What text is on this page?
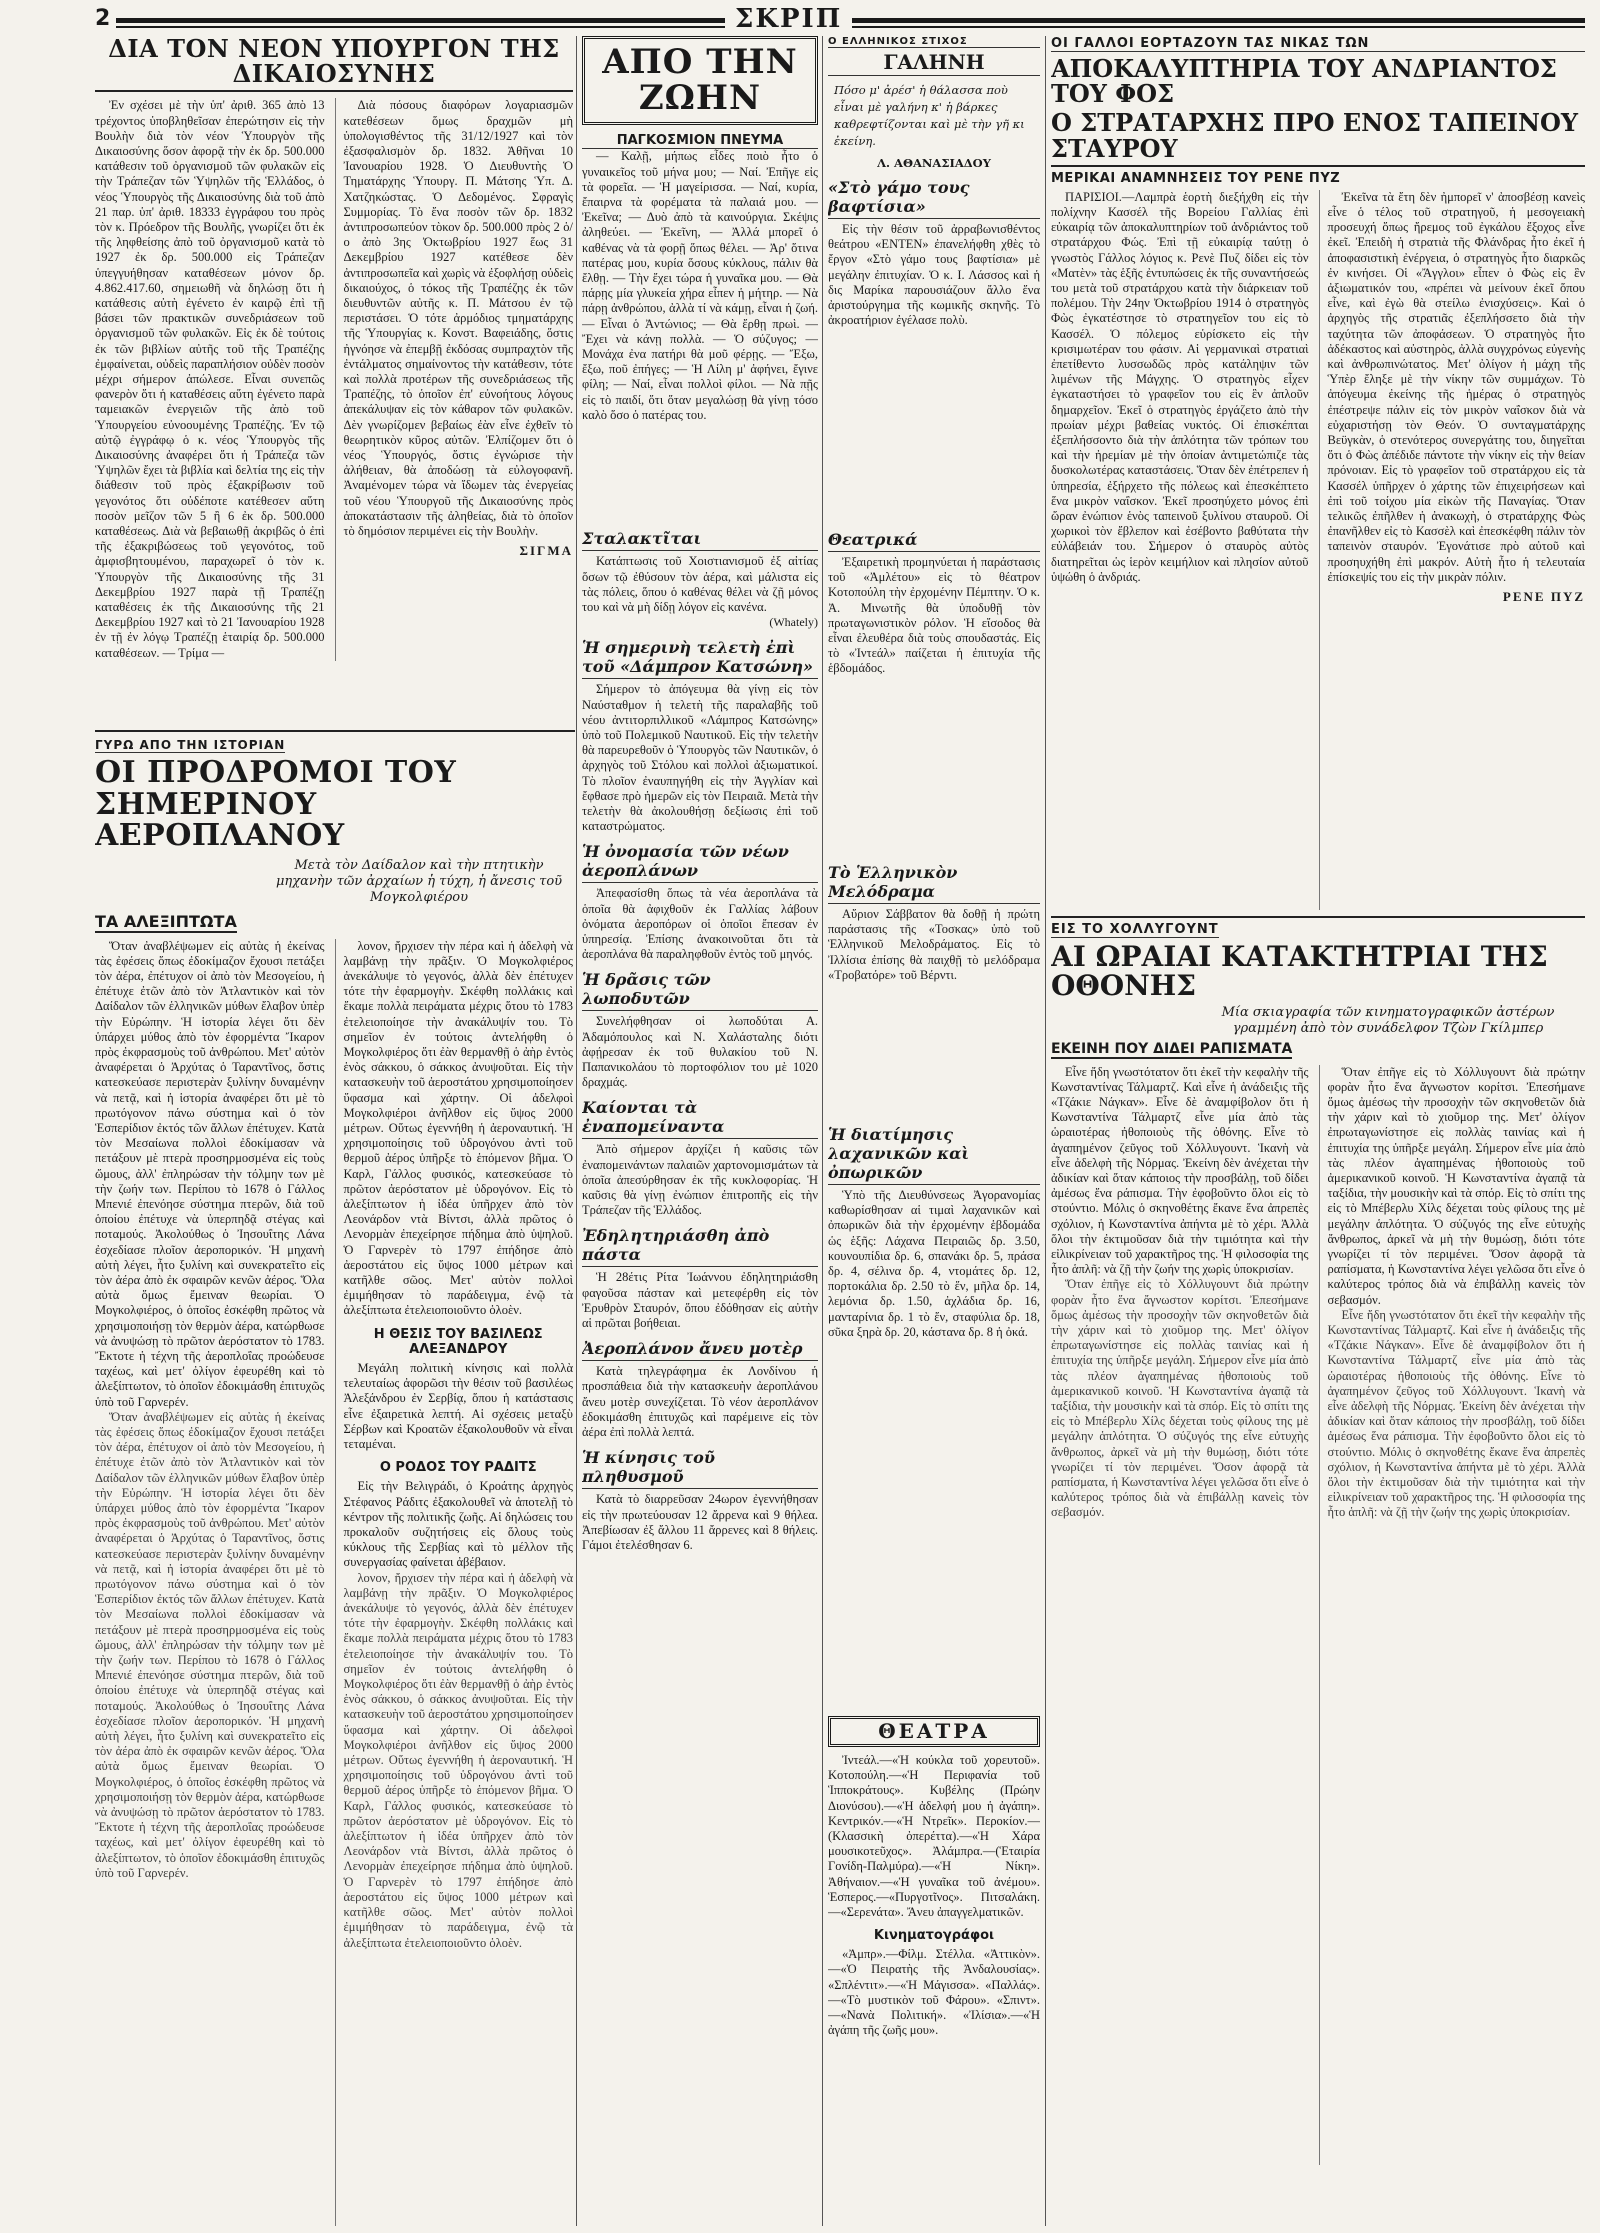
2	ΣΚΡΙΠ
ΔΙΑ ΤΟΝ ΝΕΟΝ ΥΠΟΥΡΓΟΝ ΤΗΣ ΔΙΚΑΙΟΣΥΝΗΣ

Ἐν σχέσει μὲ τὴν ὑπ' ἀριθ. 365 ἀπὸ 13 τρέχοντος ὑποβληθεῖσαν ἐπερώτησιν εἰς τὴν Βουλὴν διὰ τὸν νέον Ὑπουργὸν τῆς Δικαιοσύνης ὅσον ἀφορᾷ τὴν ἐκ δρ. 500.000 κατάθεσιν τοῦ ὀργανισμοῦ τῶν φυλακῶν εἰς τὴν Τράπεζαν τῶν Ὑψηλῶν τῆς Ἑλλάδος, ὁ νέος Ὑπουργὸς τῆς Δικαιοσύνης διὰ τοῦ ἀπὸ 21 παρ. ὑπ' ἀριθ. 18333 ἐγγράφου του πρὸς τὸν κ. Πρόεδρον τῆς Βουλῆς, γνωρίζει ὅτι ἐκ τῆς ληφθείσης ἀπὸ τοῦ ὀργανισμοῦ κατὰ τὸ 1927 ἐκ δρ. 500.000 εἰς Τράπεζαν ὑπεγγυήθησαν καταθέσεων μόνον δρ. 4.862.417.60, σημειωθῆ νὰ δηλώσῃ ὅτι ἡ κατάθεσις αὐτὴ ἐγένετο ἐν καιρῷ ἐπὶ τῇ βάσει τῶν πρακτικῶν συνεδριάσεων τοῦ ὀργανισμοῦ τῶν φυλακῶν. Εἰς ἐκ δὲ τούτοις ἐκ τῶν βιβλίων αὐτῆς τοῦ τῆς Τραπέζης ἐμφαίνεται, οὐδεὶς παραπλήσιον οὐδὲν ποσὸν μέχρι σήμερον ἀπώλεσε. Εἶναι συνεπῶς φανερὸν ὅτι ἡ καταθέσεις αὕτη ἐγένετο παρὰ ταμειακῶν ἐνεργειῶν τῆς ἀπὸ τοῦ Ὑπουργείου εὐνοουμένης Τραπέζης. Ἐν τῷ αὐτῷ ἐγγράφῳ ὁ κ. νέος Ὑπουργὸς τῆς Δικαιοσύνης ἀναφέρει ὅτι ἡ Τράπεζα τῶν Ὑψηλῶν ἔχει τὰ βιβλία καὶ δελτία της εἰς τὴν διάθεσιν τοῦ πρὸς ἐξακρίβωσιν τοῦ γεγονότος ὅτι οὐδέποτε κατέθεσεν αὕτη ποσὸν μεῖζον τῶν 5 ἢ 6 ἐκ δρ. 500.000 καταθέσεως. Διὰ νὰ βεβαιωθῇ ἀκριβῶς ὁ ἐπὶ τῆς ἐξακριβώσεως τοῦ γεγονότος, τοῦ ἀμφισβητουμένου, παραχωρεῖ ὁ τὸν κ. Ὑπουργὸν τῆς Δικαιοσύνης τῆς 31 Δεκεμβρίου 1927 παρὰ τῇ Τραπέζῃ καταθέσεις ἐκ τῆς Δικαιοσύνης τῆς 21 Δεκεμβρίου 1927 καὶ τὸ 21 Ἰανουαρίου 1928 ἐν τῇ ἐν λόγῳ Τραπέζῃ ἑταιρίᾳ δρ. 500.000 καταθέσεων. — Τρίμα —

Διὰ πόσους διαφόρων λογαριασμῶν κατεθέσεων ὅμως δραχμῶν μὴ ὑπολογισθέντος τῆς 31/12/1927 καὶ τὸν ἐξασφαλισμὸν δρ. 1832. Ἀθῆναι 10 Ἰανουαρίου 1928. Ὁ Διευθυντὴς Ὁ Τηματάρχης Ὑπουργ. Π. Μάτσης Ὑπ. Δ. Χατζηκώστας. Ὁ Δεδομένος. Σφραγὶς Συμμορίας. Τὸ ἔνα ποσὸν τῶν δρ. 1832 ἀντιπροσωπεύον τὸκον δρ. 500.000 πρὸς 2 ὁ/ο ἀπὸ 3ης Ὀκτωβρίου 1927 ἕως 31 Δεκεμβρίου 1927 κατέθεσε δὲν ἀντιπροσωπεῖα καὶ χωρὶς νὰ ἐξοφλήσῃ οὐδεὶς δικαιούχος, ὁ τόκος τῆς Τραπέζης ἐκ τῶν διευθυντῶν αὐτῆς κ. Π. Μάτσου ἐν τῷ περιστάσει. Ὁ τότε ἀρμόδιος τμηματάρχης τῆς Ὑπουργίας κ. Κονστ. Βαφειάδης, ὅστις ἠγνόησε νὰ ἐπεμβῇ ἐκδόσας συμπραχτὸν τῆς ἐντάλματος σημαίνοντος τὴν κατάθεσιν, τότε καὶ πολλὰ προτέρων τῆς συνεδριάσεως τῆς Τραπέζης, τὸ ὁποῖον ἐπ' εὐνοήτους λόγους ἀπεκάλυψαν εἰς τὸν κάθαρον τῶν φυλακῶν. Δὲν γνωρίζομεν βεβαίως ἐὰν εἶνε ἐχθεῖν τὸ θεωρητικὸν κῦρος αὐτῶν. Ἐλπίζομεν ὅτι ὁ νέος Ὑπουργός, ὅστις ἐγνώρισε τὴν ἀλήθειαν, θὰ ἀποδώσῃ τὰ εὐλογοφανῆ. Ἀναμένομεν τώρα νὰ ἴδωμεν τὰς ἐνεργείας τοῦ νέου Ὑπουργοῦ τῆς Δικαιοσύνης πρὸς ἀποκατάστασιν τῆς ἀληθείας, διὰ τὸ ὁποῖον τὸ δημόσιον περιμένει εἰς τὴν Βουλὴν.

ΣΙΓΜΑ
ΓΥΡΩ ΑΠΟ ΤΗΝ ΙΣΤΟΡΙΑΝ
ΟΙ ΠΡΟΔΡΟΜΟΙ ΤΟΥ ΣΗΜΕΡΙΝΟΥ ΑΕΡΟΠΛΑΝΟΥ
Μετὰ τὸν Δαίδαλον καὶ τὴν πτητικὴν μηχανὴν τῶν ἀρχαίων ἡ τύχη, ἡ ἄνεσις τοῦ Μογκολφιέρου
ΤΑ ΑΛΕΞΙΠΤΩΤΑ

Ὅταν ἀναβλέψωμεν εἰς αὐτὰς ἡ ἐκείνας τὰς ἐφέσεις ὅπως ἐδοκίμαζον ἔχουσι πετάξει τὸν ἀέρα, ἐπέτυχον οἱ ἀπὸ τὸν Μεσογείου, ἡ ἐπέτυχε ἐτῶν ἀπὸ τὸν Ἀτλαντικὸν καὶ τὸν Δαίδαλον τῶν ἑλληνικῶν μύθων ἔλαβον ὑπὲρ τὴν Εὐρώπην. Ἡ ἱστορία λέγει ὅτι δὲν ὑπάρχει μύθος ἀπὸ τὸν ἐφορμέντα Ἴκαρον πρὸς ἐκφρασμοὺς τοῦ ἀνθρώπου. Μετ' αὐτὸν ἀναφέρεται ὁ Ἀρχύτας ὁ Ταραντῖνος, ὅστις κατεσκεύασε περιστερὰν ξυλίνην δυναμένην νὰ πετᾷ, καὶ ἡ ἱστορία ἀναφέρει ὅτι μὲ τὸ πρωτόγονον πάνω σύστημα καὶ ὁ τὸν Ἑσπερίδιον ἐκτός τῶν ἄλλων ἐπέτυχεν. Κατὰ τὸν Μεσαίωνα πολλοὶ ἐδοκίμασαν νὰ πετάξουν μὲ πτερὰ προσηρμοσμένα εἰς τοὺς ὤμους, ἀλλ' ἐπληρώσαν τὴν τόλμην των μὲ τὴν ζωήν των. Περίπου τὸ 1678 ὁ Γάλλος Μπενιέ ἐπενόησε σύστημα πτερῶν, διὰ τοῦ ὁποίου ἐπέτυχε νὰ ὑπερπηδᾷ στέγας καὶ ποταμούς. Ἀκολούθως ὁ Ἰησουΐτης Λάνα ἐσχεδίασε πλοῖον ἀεροπορικόν. Ἡ μηχανὴ αὐτὴ λέγει, ἦτο ξυλίνη καὶ συνεκρατεῖτο εἰς τὸν ἀέρα ἀπὸ ἐκ σφαιρῶν κενῶν ἀέρος. Ὅλα αὐτὰ ὅμως ἔμειναν θεωρίαι. Ὁ Μογκολφιέρος, ὁ ὁποῖος ἐσκέφθη πρῶτος νὰ χρησιμοποιήσῃ τὸν θερμὸν ἀέρα, κατώρθωσε νὰ ἀνυψώσῃ τὸ πρῶτον ἀερόστατον τὸ 1783. Ἔκτοτε ἡ τέχνη τῆς ἀεροπλοΐας προώδευσε ταχέως, καὶ μετ' ὀλίγον ἐφευρέθη καὶ τὸ ἀλεξίπτωτον, τὸ ὁποῖον ἐδοκιμάσθη ἐπιτυχῶς ὑπὸ τοῦ Γαρνερέν.

Ὅταν ἀναβλέψωμεν εἰς αὐτὰς ἡ ἐκείνας τὰς ἐφέσεις ὅπως ἐδοκίμαζον ἔχουσι πετάξει τὸν ἀέρα, ἐπέτυχον οἱ ἀπὸ τὸν Μεσογείου, ἡ ἐπέτυχε ἐτῶν ἀπὸ τὸν Ἀτλαντικὸν καὶ τὸν Δαίδαλον τῶν ἑλληνικῶν μύθων ἔλαβον ὑπὲρ τὴν Εὐρώπην. Ἡ ἱστορία λέγει ὅτι δὲν ὑπάρχει μύθος ἀπὸ τὸν ἐφορμέντα Ἴκαρον πρὸς ἐκφρασμοὺς τοῦ ἀνθρώπου. Μετ' αὐτὸν ἀναφέρεται ὁ Ἀρχύτας ὁ Ταραντῖνος, ὅστις κατεσκεύασε περιστερὰν ξυλίνην δυναμένην νὰ πετᾷ, καὶ ἡ ἱστορία ἀναφέρει ὅτι μὲ τὸ πρωτόγονον πάνω σύστημα καὶ ὁ τὸν Ἑσπερίδιον ἐκτός τῶν ἄλλων ἐπέτυχεν. Κατὰ τὸν Μεσαίωνα πολλοὶ ἐδοκίμασαν νὰ πετάξουν μὲ πτερὰ προσηρμοσμένα εἰς τοὺς ὤμους, ἀλλ' ἐπληρώσαν τὴν τόλμην των μὲ τὴν ζωήν των. Περίπου τὸ 1678 ὁ Γάλλος Μπενιέ ἐπενόησε σύστημα πτερῶν, διὰ τοῦ ὁποίου ἐπέτυχε νὰ ὑπερπηδᾷ στέγας καὶ ποταμούς. Ἀκολούθως ὁ Ἰησουΐτης Λάνα ἐσχεδίασε πλοῖον ἀεροπορικόν. Ἡ μηχανὴ αὐτὴ λέγει, ἦτο ξυλίνη καὶ συνεκρατεῖτο εἰς τὸν ἀέρα ἀπὸ ἐκ σφαιρῶν κενῶν ἀέρος. Ὅλα αὐτὰ ὅμως ἔμειναν θεωρίαι. Ὁ Μογκολφιέρος, ὁ ὁποῖος ἐσκέφθη πρῶτος νὰ χρησιμοποιήσῃ τὸν θερμὸν ἀέρα, κατώρθωσε νὰ ἀνυψώσῃ τὸ πρῶτον ἀερόστατον τὸ 1783. Ἔκτοτε ἡ τέχνη τῆς ἀεροπλοΐας προώδευσε ταχέως, καὶ μετ' ὀλίγον ἐφευρέθη καὶ τὸ ἀλεξίπτωτον, τὸ ὁποῖον ἐδοκιμάσθη ἐπιτυχῶς ὑπὸ τοῦ Γαρνερέν.

λονον, ἤρχισεν τὴν πέρα καὶ ἡ ἀδελφὴ νὰ λαμβάνῃ τὴν πρᾶξιν. Ὁ Μογκολφιέρος ἀνεκάλυψε τὸ γεγονός, ἀλλὰ δὲν ἐπέτυχεν τότε τὴν ἐφαρμογὴν. Σκέφθη πολλάκις καὶ ἔκαμε πολλὰ πειράματα μέχρις ὅτου τὸ 1783 ἐτελειοποίησε τὴν ἀνακάλυψίν του. Τὸ σημεῖον ἐν τούτοις ἀντελήφθη ὁ Μογκολφιέρος ὅτι ἐὰν θερμανθῇ ὁ ἀὴρ ἐντὸς ἑνὸς σάκκου, ὁ σάκκος ἀνυψοῦται. Εἰς τὴν κατασκευὴν τοῦ ἀεροστάτου χρησιμοποίησεν ὕφασμα καὶ χάρτην. Οἱ ἀδελφοὶ Μογκολφιέροι ἀνῆλθον εἰς ὕψος 2000 μέτρων. Οὕτως ἐγεννήθη ἡ ἀεροναυτική. Ἡ χρησιμοποίησις τοῦ ὑδρογόνου ἀντὶ τοῦ θερμοῦ ἀέρος ὑπῆρξε τὸ ἑπόμενον βῆμα. Ὁ Καρλ, Γάλλος φυσικός, κατεσκεύασε τὸ πρῶτον ἀερόστατον μὲ ὑδρογόνον. Εἰς τὸ ἀλεξίπτωτον ἡ ἰδέα ὑπῆρχεν ἀπὸ τὸν Λεονάρδον ντὰ Βίντσι, ἀλλὰ πρῶτος ὁ Λενορμὰν ἐπεχείρησε πήδημα ἀπὸ ὑψηλοῦ. Ὁ Γαρνερὲν τὸ 1797 ἐπήδησε ἀπὸ ἀεροστάτου εἰς ὕψος 1000 μέτρων καὶ κατῆλθε σῶος. Μετ' αὐτὸν πολλοὶ ἐμιμήθησαν τὸ παράδειγμα, ἐνῷ τὰ ἀλεξίπτωτα ἐτελειοποιοῦντο ὁλοὲν.

Η ΘΕΣΙΣ ΤΟΥ ΒΑΣΙΛΕΩΣ ΑΛΕΞΑΝΔΡΟΥ

Μεγάλη πολιτικὴ κίνησις καὶ πολλὰ τελευταίως ἀφορῶσι τὴν θέσιν τοῦ βασιλέως Ἀλεξάνδρου ἐν Σερβίᾳ, ὅπου ἡ κατάστασις εἶνε ἐξαιρετικὰ λεπτή. Αἱ σχέσεις μεταξὺ Σέρβων καὶ Κροατῶν ἐξακολουθοῦν νὰ εἶναι τεταμέναι.

Ο ΡΟΔΟΣ ΤΟΥ ΡΑΔΙΤΣ

Εἰς τὴν Βελιγράδι, ὁ Κροάτης ἀρχηγὸς Στέφανος Ράδιτς ἐξακολουθεῖ νὰ ἀποτελῇ τὸ κέντρον τῆς πολιτικῆς ζωῆς. Αἱ δηλώσεις του προκαλοῦν συζητήσεις εἰς ὅλους τοὺς κύκλους τῆς Σερβίας καὶ τὸ μέλλον τῆς συνεργασίας φαίνεται ἀβέβαιον.

λονον, ἤρχισεν τὴν πέρα καὶ ἡ ἀδελφὴ νὰ λαμβάνῃ τὴν πρᾶξιν. Ὁ Μογκολφιέρος ἀνεκάλυψε τὸ γεγονός, ἀλλὰ δὲν ἐπέτυχεν τότε τὴν ἐφαρμογὴν. Σκέφθη πολλάκις καὶ ἔκαμε πολλὰ πειράματα μέχρις ὅτου τὸ 1783 ἐτελειοποίησε τὴν ἀνακάλυψίν του. Τὸ σημεῖον ἐν τούτοις ἀντελήφθη ὁ Μογκολφιέρος ὅτι ἐὰν θερμανθῇ ὁ ἀὴρ ἐντὸς ἑνὸς σάκκου, ὁ σάκκος ἀνυψοῦται. Εἰς τὴν κατασκευὴν τοῦ ἀεροστάτου χρησιμοποίησεν ὕφασμα καὶ χάρτην. Οἱ ἀδελφοὶ Μογκολφιέροι ἀνῆλθον εἰς ὕψος 2000 μέτρων. Οὕτως ἐγεννήθη ἡ ἀεροναυτική. Ἡ χρησιμοποίησις τοῦ ὑδρογόνου ἀντὶ τοῦ θερμοῦ ἀέρος ὑπῆρξε τὸ ἑπόμενον βῆμα. Ὁ Καρλ, Γάλλος φυσικός, κατεσκεύασε τὸ πρῶτον ἀερόστατον μὲ ὑδρογόνον. Εἰς τὸ ἀλεξίπτωτον ἡ ἰδέα ὑπῆρχεν ἀπὸ τὸν Λεονάρδον ντὰ Βίντσι, ἀλλὰ πρῶτος ὁ Λενορμὰν ἐπεχείρησε πήδημα ἀπὸ ὑψηλοῦ. Ὁ Γαρνερὲν τὸ 1797 ἐπήδησε ἀπὸ ἀεροστάτου εἰς ὕψος 1000 μέτρων καὶ κατῆλθε σῶος. Μετ' αὐτὸν πολλοὶ ἐμιμήθησαν τὸ παράδειγμα, ἐνῷ τὰ ἀλεξίπτωτα ἐτελειοποιοῦντο ὁλοὲν.

ΑΠΟ ΤΗΝ ΖΩΗΝ
ΠΑΓΚΟΣΜΙΟΝ ΠΝΕΥΜΑ

— Καλῇ, μήπως εἶδες ποιὸ ἦτο ὁ γυναικεῖος τοῦ μήνα μου; — Ναί. Ἐπῆγε εἰς τὰ φορεῖα. — Ἡ μαγείρισσα. — Ναί, κυρία, ἔπαιρνα τὰ φορέματα τὰ παλαιά μου. — Ἐκεῖνα; — Δυὸ ἀπὸ τὰ καινούργια. Σκέψις ἀληθεύει. — Ἐκεῖνη, — Ἀλλά μπορεῖ ὁ καθένας νὰ τὰ φορῇ ὅπως θέλει. — Ἀρ' ὅτινα πατέρας μου, κυρία ὅσους κύκλους, πάλιν θὰ ἔλθῃ. — Τὴν ἔχει τώρα ἡ γυναῖκα μου. — Θὰ πάρῃς μία γλυκεία χήρα εἶπεν ἡ μήτηρ. — Νὰ πάρῃ ἀνθρώπου, ἀλλὰ τί νὰ κάμῃ, εἶναι ἡ ζωή. — Εἶναι ὁ Ἀντώνιος; — Θὰ ἔρθῃ πρωὶ. — Ἔχει νὰ κάνῃ πολλὰ. — Ὁ σύζυγος; — Μονάχα ἐνα πατήρι θὰ μοῦ φέρῃς. — Ἔξω, ἔξω, ποῦ ἐπήγες; — Ἡ Λίλη μ' ἀφήνει, ἔγινε φίλη; — Ναί, εἶναι πολλοὶ φίλοι. — Νὰ πῇς εἰς τὸ παιδί, ὅτι ὅταν μεγαλώσῃ θὰ γίνῃ τόσο καλὸ ὅσο ὁ πατέρας του.

Σταλακτῖται

Κατάπτωσις τοῦ Χοιστιανισμοῦ ἐξ αἰτίας ὅσων τῷ ἐθύσουν τὸν ἀέρα, καὶ μάλιστα εἰς τὰς πόλεις, ὅπου ὁ καθένας θέλει νὰ ζῇ μόνος του καὶ νὰ μὴ δίδῃ λόγον εἰς κανένα.

(Whately)
Ἡ σημερινὴ τελετὴ ἐπὶ τοῦ «Δάμπρον Κατσώνη»

Σήμερον τὸ ἀπόγευμα θὰ γίνῃ εἰς τὸν Ναύσταθμον ἡ τελετὴ τῆς παραλαβῆς τοῦ νέου ἀντιτορπιλλικοῦ «Λάμπρος Κατσώνης» ὑπὸ τοῦ Πολεμικοῦ Ναυτικοῦ. Εἰς τὴν τελετὴν θὰ παρευρεθοῦν ὁ Ὑπουργὸς τῶν Ναυτικῶν, ὁ ἀρχηγὸς τοῦ Στόλου καὶ πολλοὶ ἀξιωματικοί. Τὸ πλοῖον ἐναυπηγήθη εἰς τὴν Ἀγγλίαν καὶ ἔφθασε πρὸ ἡμερῶν εἰς τὸν Πειραιᾶ. Μετὰ τὴν τελετὴν θὰ ἀκολουθήσῃ δεξίωσις ἐπὶ τοῦ καταστρώματος.

Ἡ ὀνομασία τῶν νέων ἀεροπλάνων

Ἀπεφασίσθη ὅπως τὰ νέα ἀεροπλάνα τὰ ὁποῖα θὰ ἀφιχθοῦν ἐκ Γαλλίας λάβουν ὀνόματα ἀεροπόρων οἱ ὁποῖοι ἔπεσαν ἐν ὑπηρεσίᾳ. Ἐπίσης ἀνακοινοῦται ὅτι τὰ ἀεροπλάνα θὰ παραληφθοῦν ἐντὸς τοῦ μηνός.

Ἡ δρᾶσις τῶν λωποδυτῶν

Συνελήφθησαν οἱ λωποδύται Α. Ἀδαμόπουλος καὶ Ν. Χαλάσταλης διότι ἀφῄρεσαν ἐκ τοῦ θυλακίου τοῦ Ν. Παπανικολάου τὸ πορτοφόλιον του μὲ 1020 δραχμάς.

Καίονται τὰ ἐναπομείναντα

Ἀπὸ σήμερον ἀρχίζει ἡ καῦσις τῶν ἐναπομεινάντων παλαιῶν χαρτονομισμάτων τὰ ὁποῖα ἀπεσύρθησαν ἐκ τῆς κυκλοφορίας. Ἡ καῦσις θὰ γίνῃ ἐνώπιον ἐπιτροπῆς εἰς τὴν Τράπεζαν τῆς Ἑλλάδος.

Ἐδηλητηριάσθη ἀπὸ πάστα

Ἡ 28έτις Ρίτα Ἰωάννου ἐδηλητηριάσθη φαγοῦσα πάσταν καὶ μετεφέρθη εἰς τὸν Ἐρυθρὸν Σταυρόν, ὅπου ἐδόθησαν εἰς αὐτὴν αἱ πρῶται βοήθειαι.

Ἀεροπλάνον ἄνευ μοτὲρ

Κατὰ τηλεγράφημα ἐκ Λονδίνου ἡ προσπάθεια διὰ τὴν κατασκευὴν ἀεροπλάνου ἄνευ μοτὲρ συνεχίζεται. Τὸ νέον ἀεροπλάνον ἐδοκιμάσθη ἐπιτυχῶς καὶ παρέμεινε εἰς τὸν ἀέρα ἐπὶ πολλὰ λεπτά.

Ἡ κίνησις τοῦ πληθυσμοῦ

Κατὰ τὸ διαρρεῦσαν 24ωρον ἐγεννήθησαν εἰς τὴν πρωτεύουσαν 12 ἄρρενα καὶ 9 θήλεα. Ἀπεβίωσαν ἐξ ἄλλου 11 ἄρρενες καὶ 8 θήλεις. Γάμοι ἐτελέσθησαν 6.

Ο ΕΛΛΗΝΙΚΟΣ ΣΤΙΧΟΣ
ΓΑΛΗΝΗ
Πόσο μ' ἀρέσ' ἡ θάλασσα ποὺ εἶναι μὲ γαλήνη κ' ἡ βάρκες καθρεφτίζονται καὶ μὲ τὴν γῆ κι ἐκείνη.
Λ. ΑΘΑΝΑΣΙΑΔΟΥ
«Στὸ γάμο τους βαφτίσια»

Εἰς τὴν θέσιν τοῦ ἀρραβωνισθέντος θεάτρου «ΕΝΤΕΝ» ἐπανελήφθη χθὲς τὸ ἔργον «Στὸ γάμο τους βαφτίσια» μὲ μεγάλην ἐπιτυχίαν. Ὁ κ. Ι. Λάσσος καὶ ἡ δις Μαρίκα παρουσιάζουν ἄλλο ἕνα ἀριστούργημα τῆς κωμικῆς σκηνῆς. Τὸ ἀκροατήριον ἐγέλασε πολὺ.

Θεατρικά

Ἐξαιρετικὴ προμηνύεται ἡ παράστασις τοῦ «Ἀμλέτου» εἰς τὸ θέατρον Κοτοπούλη τὴν ἐρχομένην Πέμπτην. Ὁ κ. Ἀ. Μινωτῆς θὰ ὑποδυθῇ τὸν πρωταγωνιστικὸν ρόλον. Ἡ εἴσοδος θὰ εἶναι ἐλευθέρα διὰ τοὺς σπουδαστάς. Εἰς τὸ «Ἰντεάλ» παίζεται ἡ ἐπιτυχία τῆς ἑβδομάδος.

Τὸ Ἑλληνικὸν Μελόδραμα

Αὔριον Σάββατον θὰ δοθῇ ἡ πρώτη παράστασις τῆς «Τοσκας» ὑπὸ τοῦ Ἑλληνικοῦ Μελοδράματος. Εἰς τὸ Ἰλλίσια ἐπίσης θὰ παιχθῇ τὸ μελόδραμα «Τροβατόρε» τοῦ Βέρντι.

Ἡ διατίμησις λαχανικῶν καὶ ὀπωρικῶν

Ὑπὸ τῆς Διευθύνσεως Ἀγορανομίας καθωρίσθησαν αἱ τιμαὶ λαχανικῶν καὶ ὀπωρικῶν διὰ τὴν ἐρχομένην ἑβδομάδα ὡς ἑξῆς: Λάχανα Πειραιῶς δρ. 3.50, κουνουπίδια δρ. 6, σπανάκι δρ. 5, πράσα δρ. 4, σέλινα δρ. 4, ντομάτες δρ. 12, πορτοκάλια δρ. 2.50 τὸ ἕν, μῆλα δρ. 14, λεμόνια δρ. 1.50, ἀχλάδια δρ. 16, μανταρίνια δρ. 1 τὸ ἕν, σταφύλια δρ. 18, σῦκα ξηρὰ δρ. 20, κάστανα δρ. 8 ἡ ὀκά.

ΘΕΑΤΡΑ

Ἰντεάλ.—«Ἡ κούκλα τοῦ χορευτοῦ». Κοτοπούλη.—«Ἡ Περιφανία τοῦ Ἱπποκράτους». Κυβέλης (Πρώην Διονύσου).—«Ἡ ἀδελφή μου ἡ ἀγάπη». Κεντρικόν.—«Ἡ Ντρεῖκ». Περοκίον.—(Κλασσικὴ ὀπερέττα).—«Ἡ Χάρα μουσικοτεῦχος». Ἀλάμπρα.—(Ἑταιρία Γονίδη-Παλμύρα).—«Ἡ Νίκη». Ἀθήναιον.—«Ἡ γυναῖκα τοῦ ἀνέμου». Ἑσπερος.—«Πυργοτῖνος». Πιτσαλάκη.—«Σερενάτα». Ἄνευ ἀπαγγελματικῶν.

Κινηματογράφοι

«Ἀμπρ».—Φίλμ. Στέλλα. «Ἀττικὸν».—«Ὁ Πειρατὴς τῆς Ἀνδαλουσίας». «Σπλέντιτ».—«Ἡ Μάγισσα». «Παλλάς».—«Τὸ μυστικὸν τοῦ Φάρου». «Σπιντ».—«Νανὰ Πολιτική». «Ἰλίσια».—«Ἡ ἀγάπη τῆς ζωῆς μου».

ΟΙ ΓΑΛΛΟΙ ΕΟΡΤΑΖΟΥΝ ΤΑΣ ΝΙΚΑΣ ΤΩΝ
ΑΠΟΚΑΛΥΠΤΗΡΙΑ ΤΟΥ ΑΝΔΡΙΑΝΤΟΣ ΤΟΥ ΦΟΣ
Ο ΣΤΡΑΤΑΡΧΗΣ ΠΡΟ ΕΝΟΣ ΤΑΠΕΙΝΟΥ ΣΤΑΥΡΟΥ
ΜΕΡΙΚΑΙ ΑΝΑΜΝΗΣΕΙΣ ΤΟΥ ΡΕΝΕ ΠΥΖ

ΠΑΡΙΣΙΟΙ.—Λαμπρὰ ἑορτὴ διεξήχθη εἰς τὴν πολίχνην Κασσέλ τῆς Βορείου Γαλλίας ἐπὶ εὐκαιρίᾳ τῶν ἀποκαλυπτηρίων τοῦ ἀνδριάντος τοῦ στρατάρχου Φώς. Ἐπὶ τῇ εὐκαιρίᾳ ταύτῃ ὁ γνωστὸς Γάλλος λόγιος κ. Ρενὲ Πυζ δίδει εἰς τὸν «Ματὲν» τὰς ἑξῆς ἐντυπώσεις ἐκ τῆς συναντήσεώς του μετὰ τοῦ στρατάρχου κατὰ τὴν διάρκειαν τοῦ πολέμου. Τὴν 24ην Ὀκτωβρίου 1914 ὁ στρατηγὸς Φὼς ἐγκατέστησε τὸ στρατηγεῖον του εἰς τὸ Κασσέλ. Ὁ πόλεμος εὑρίσκετο εἰς τὴν κρισιμωτέραν του φάσιν. Αἱ γερμανικαὶ στρατιαὶ ἐπετίθεντο λυσσωδῶς πρὸς κατάληψιν τῶν λιμένων τῆς Μάγχης. Ὁ στρατηγὸς εἶχεν ἐγκαταστήσει τὸ γραφεῖον του εἰς ἓν ἀπλοῦν δημαρχεῖον. Ἐκεῖ ὁ στρατηγὸς ἐργάζετο ἀπὸ τὴν πρωίαν μέχρι βαθείας νυκτός. Οἱ ἐπισκέπται ἐξεπλήσσοντο διὰ τὴν ἁπλότητα τῶν τρόπων του καὶ τὴν ἠρεμίαν μὲ τὴν ὁποίαν ἀντιμετώπιζε τὰς δυσκολωτέρας καταστάσεις. Ὅταν δὲν ἐπέτρεπεν ἡ ὑπηρεσία, ἐξήρχετο τῆς πόλεως καὶ ἐπεσκέπτετο ἕνα μικρὸν ναΐσκον. Ἐκεῖ προσηύχετο μόνος ἐπὶ ὥραν ἐνώπιον ἑνὸς ταπεινοῦ ξυλίνου σταυροῦ. Οἱ χωρικοὶ τὸν ἔβλεπον καὶ ἐσέβοντο βαθύτατα τὴν εὐλάβειάν του. Σήμερον ὁ σταυρὸς αὐτὸς διατηρεῖται ὡς ἱερὸν κειμήλιον καὶ πλησίον αὐτοῦ ὑψώθη ὁ ἀνδριάς.

Ἐκεῖνα τὰ ἔτη δὲν ἠμπορεῖ ν' ἀποσβέσῃ κανεὶς εἶνε ὁ τέλος τοῦ στρατηγοῦ, ἡ μεσογειακὴ προσευχή ὅπως ἤρεμος τοῦ ἐγκάλου ἔξοχος εἶνε ἐκεῖ. Ἐπειδὴ ἡ στρατιὰ τῆς Φλάνδρας ἦτο ἐκεῖ ἡ ἀποφασιστικὴ ἐνέργεια, ὁ στρατηγὸς ἦτο διαρκῶς ἐν κινήσει. Οἱ «Ἄγγλοι» εἶπεν ὁ Φὼς εἰς ἓν ἀξιωματικόν του, «πρέπει νὰ μείνουν ἐκεῖ ὅπου εἶνε, καὶ ἐγὼ θὰ στείλω ἐνισχύσεις». Καὶ ὁ ἀρχηγὸς τῆς στρατιᾶς ἐξεπλήσσετο διὰ τὴν ταχύτητα τῶν ἀποφάσεων. Ὁ στρατηγὸς ἦτο ἀδέκαστος καὶ αὐστηρὸς, ἀλλὰ συγχρόνως εὐγενὴς καὶ ἀνθρωπινώτατος. Μετ' ὀλίγον ἡ μάχη τῆς Ὑπὲρ ἔληξε μὲ τὴν νίκην τῶν συμμάχων. Τὸ ἀπόγευμα ἐκείνης τῆς ἡμέρας ὁ στρατηγὸς ἐπέστρεψε πάλιν εἰς τὸν μικρὸν ναΐσκον διὰ νὰ εὐχαριστήσῃ τὸν Θεόν. Ὁ συνταγματάρχης Βεϋγκὰν, ὁ στενότερος συνεργάτης του, διηγεῖται ὅτι ὁ Φὼς ἀπέδιδε πάντοτε τὴν νίκην εἰς τὴν θείαν πρόνοιαν. Εἰς τὸ γραφεῖον τοῦ στρατάρχου εἰς τὰ Κασσέλ ὑπῆρχεν ὁ χάρτης τῶν ἐπιχειρήσεων καὶ ἐπὶ τοῦ τοίχου μία εἰκὼν τῆς Παναγίας. Ὅταν τελικῶς ἐπῆλθεν ἡ ἀνακωχὴ, ὁ στρατάρχης Φὼς ἐπανῆλθεν εἰς τὸ Κασσὲλ καὶ ἐπεσκέφθη πάλιν τὸν ταπεινὸν σταυρόν. Ἐγονάτισε πρὸ αὐτοῦ καὶ προσηυχήθη ἐπὶ μακρόν. Αὐτὴ ἦτο ἡ τελευταία ἐπίσκεψίς του εἰς τὴν μικρὰν πόλιν.

ΡΕΝΕ ΠΥΖ
ΕΙΣ ΤΟ ΧΟΛΛΥΓΟΥΝΤ
ΑΙ ΩΡΑΙΑΙ ΚΑΤΑΚΤΗΤΡΙΑΙ ΤΗΣ ΟΘΟΝΗΣ
Μία σκιαγραφία τῶν κινηματογραφικῶν ἀστέρων γραμμένη ἀπὸ τὸν συνάδελφον Τζὼν Γκίλμπερ
ΕΚΕΙΝΗ ΠΟΥ ΔΙΔΕΙ ΡΑΠΙΣΜΑΤΑ

Εἶνε ἤδη γνωστότατον ὅτι ἐκεῖ τὴν κεφαλὴν τῆς Κωνσταντίνας Τάλμαρτζ. Καὶ εἶνε ἡ ἀνάδειξις τῆς «Τζάκιε Νάγκαν». Εἶνε δὲ ἀναμφίβολον ὅτι ἡ Κωνσταντίνα Τάλμαρτζ εἶνε μία ἀπὸ τὰς ὡραιοτέρας ἠθοποιοὺς τῆς ὀθόνης. Εἶνε τὸ ἀγαπημένον ζεῦγος τοῦ Χόλλυγουντ. Ἱκανὴ νὰ εἶνε ἀδελφὴ τῆς Νόρμας. Ἐκείνη δὲν ἀνέχεται τὴν ἀδικίαν καὶ ὅταν κάποιος τὴν προσβάλῃ, τοῦ δίδει ἀμέσως ἕνα ράπισμα. Τὴν ἐφοβοῦντο ὅλοι εἰς τὸ στούντιο. Μόλις ὁ σκηνοθέτης ἔκανε ἕνα ἀπρεπὲς σχόλιον, ἡ Κωνσταντίνα ἀπήντα μὲ τὸ χέρι. Ἀλλὰ ὅλοι τὴν ἐκτιμοῦσαν διὰ τὴν τιμιότητα καὶ τὴν εἰλικρίνειαν τοῦ χαρακτῆρος της. Ἡ φιλοσοφία της ἦτο ἁπλῆ: νὰ ζῇ τὴν ζωήν της χωρὶς ὑποκρισίαν.

Ὅταν ἐπῆγε εἰς τὸ Χόλλυγουντ διὰ πρώτην φορὰν ἦτο ἕνα ἄγνωστον κορίτσι. Ἐπεσήμανε ὅμως ἀμέσως τὴν προσοχὴν τῶν σκηνοθετῶν διὰ τὴν χάριν καὶ τὸ χιοῦμορ της. Μετ' ὀλίγον ἐπρωταγωνίστησε εἰς πολλὰς ταινίας καὶ ἡ ἐπιτυχία της ὑπῆρξε μεγάλη. Σήμερον εἶνε μία ἀπὸ τὰς πλέον ἀγαπημένας ἠθοποιοὺς τοῦ ἀμερικανικοῦ κοινοῦ. Ἡ Κωνσταντίνα ἀγαπᾷ τὰ ταξίδια, τὴν μουσικὴν καὶ τὰ σπόρ. Εἰς τὸ σπίτι της εἰς τὸ Μπέβερλυ Χίλς δέχεται τοὺς φίλους της μὲ μεγάλην ἁπλότητα. Ὁ σύζυγός της εἶνε εὐτυχὴς ἄνθρωπος, ἀρκεῖ νὰ μὴ τὴν θυμώσῃ, διότι τότε γνωρίζει τί τὸν περιμένει. Ὅσον ἀφορᾷ τὰ ραπίσματα, ἡ Κωνσταντίνα λέγει γελῶσα ὅτι εἶνε ὁ καλύτερος τρόπος διὰ νὰ ἐπιβάλλῃ κανεὶς τὸν σεβασμόν.

Ὅταν ἐπῆγε εἰς τὸ Χόλλυγουντ διὰ πρώτην φορὰν ἦτο ἕνα ἄγνωστον κορίτσι. Ἐπεσήμανε ὅμως ἀμέσως τὴν προσοχὴν τῶν σκηνοθετῶν διὰ τὴν χάριν καὶ τὸ χιοῦμορ της. Μετ' ὀλίγον ἐπρωταγωνίστησε εἰς πολλὰς ταινίας καὶ ἡ ἐπιτυχία της ὑπῆρξε μεγάλη. Σήμερον εἶνε μία ἀπὸ τὰς πλέον ἀγαπημένας ἠθοποιοὺς τοῦ ἀμερικανικοῦ κοινοῦ. Ἡ Κωνσταντίνα ἀγαπᾷ τὰ ταξίδια, τὴν μουσικὴν καὶ τὰ σπόρ. Εἰς τὸ σπίτι της εἰς τὸ Μπέβερλυ Χίλς δέχεται τοὺς φίλους της μὲ μεγάλην ἁπλότητα. Ὁ σύζυγός της εἶνε εὐτυχὴς ἄνθρωπος, ἀρκεῖ νὰ μὴ τὴν θυμώσῃ, διότι τότε γνωρίζει τί τὸν περιμένει. Ὅσον ἀφορᾷ τὰ ραπίσματα, ἡ Κωνσταντίνα λέγει γελῶσα ὅτι εἶνε ὁ καλύτερος τρόπος διὰ νὰ ἐπιβάλλῃ κανεὶς τὸν σεβασμόν.

Εἶνε ἤδη γνωστότατον ὅτι ἐκεῖ τὴν κεφαλὴν τῆς Κωνσταντίνας Τάλμαρτζ. Καὶ εἶνε ἡ ἀνάδειξις τῆς «Τζάκιε Νάγκαν». Εἶνε δὲ ἀναμφίβολον ὅτι ἡ Κωνσταντίνα Τάλμαρτζ εἶνε μία ἀπὸ τὰς ὡραιοτέρας ἠθοποιοὺς τῆς ὀθόνης. Εἶνε τὸ ἀγαπημένον ζεῦγος τοῦ Χόλλυγουντ. Ἱκανὴ νὰ εἶνε ἀδελφὴ τῆς Νόρμας. Ἐκείνη δὲν ἀνέχεται τὴν ἀδικίαν καὶ ὅταν κάποιος τὴν προσβάλῃ, τοῦ δίδει ἀμέσως ἕνα ράπισμα. Τὴν ἐφοβοῦντο ὅλοι εἰς τὸ στούντιο. Μόλις ὁ σκηνοθέτης ἔκανε ἕνα ἀπρεπὲς σχόλιον, ἡ Κωνσταντίνα ἀπήντα μὲ τὸ χέρι. Ἀλλὰ ὅλοι τὴν ἐκτιμοῦσαν διὰ τὴν τιμιότητα καὶ τὴν εἰλικρίνειαν τοῦ χαρακτῆρος της. Ἡ φιλοσοφία της ἦτο ἁπλῆ: νὰ ζῇ τὴν ζωήν της χωρὶς ὑποκρισίαν.
